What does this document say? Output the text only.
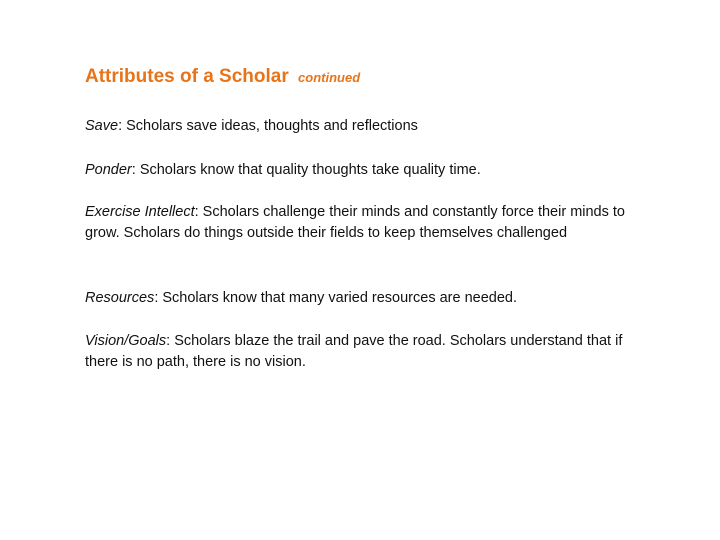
Attributes of a Scholar continued
Save: Scholars save ideas, thoughts and reflections
Ponder: Scholars know that quality thoughts take quality time.
Exercise Intellect: Scholars challenge their minds and constantly force their minds to grow. Scholars do things outside their fields to keep themselves challenged
Resources: Scholars know that many varied resources are needed.
Vision/Goals: Scholars blaze the trail and pave the road. Scholars understand that if there is no path, there is no vision.
